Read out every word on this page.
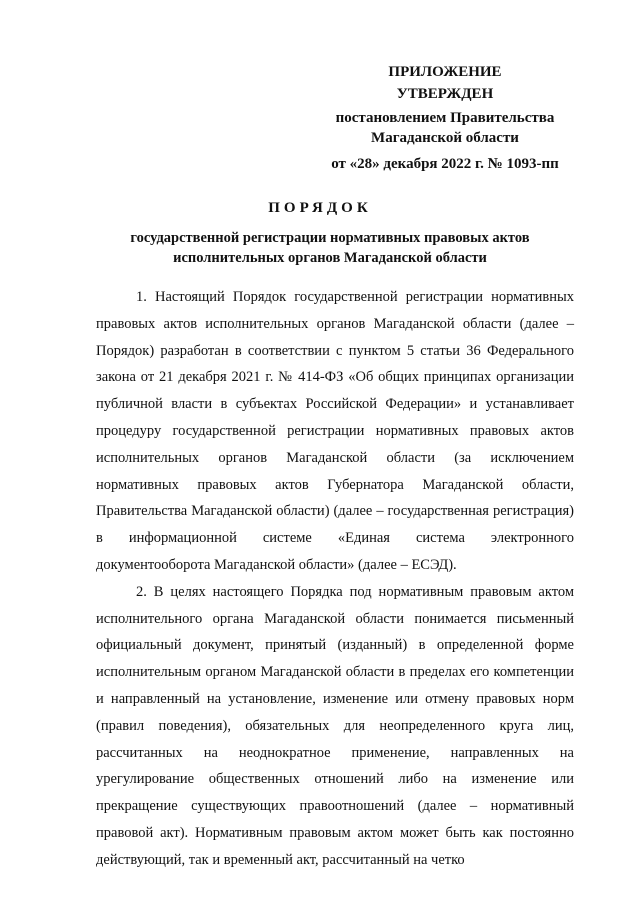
ПРИЛОЖЕНИЕ
УТВЕРЖДЕН
постановлением Правительства
Магаданской области
от «28» декабря 2022 г. № 1093-пп
ПОРЯДОК
государственной регистрации нормативных правовых актов
исполнительных органов Магаданской области

1. Настоящий Порядок государственной регистрации нормативных правовых актов исполнительных органов Магаданской области (далее – Порядок) разработан в соответствии с пунктом 5 статьи 36 Федерального закона от 21 декабря 2021 г. № 414-ФЗ «Об общих принципах организации публичной власти в субъектах Российской Федерации» и устанавливает процедуру государственной регистрации нормативных правовых актов исполнительных органов Магаданской области (за исключением нормативных правовых актов Губернатора Магаданской области, Правительства Магаданской области) (далее – государственная регистрация) в информационной системе «Единая система электронного документооборота Магаданской области» (далее – ЕСЭД).

2. В целях настоящего Порядка под нормативным правовым актом исполнительного органа Магаданской области понимается письменный официальный документ, принятый (изданный) в определенной форме исполнительным органом Магаданской области в пределах его компетенции и направленный на установление, изменение или отмену правовых норм (правил поведения), обязательных для неопределенного круга лиц, рассчитанных на неоднократное применение, направленных на урегулирование общественных отношений либо на изменение или прекращение существующих правоотношений (далее – нормативный правовой акт). Нормативным правовым актом может быть как постоянно действующий, так и временный акт, рассчитанный на четко
